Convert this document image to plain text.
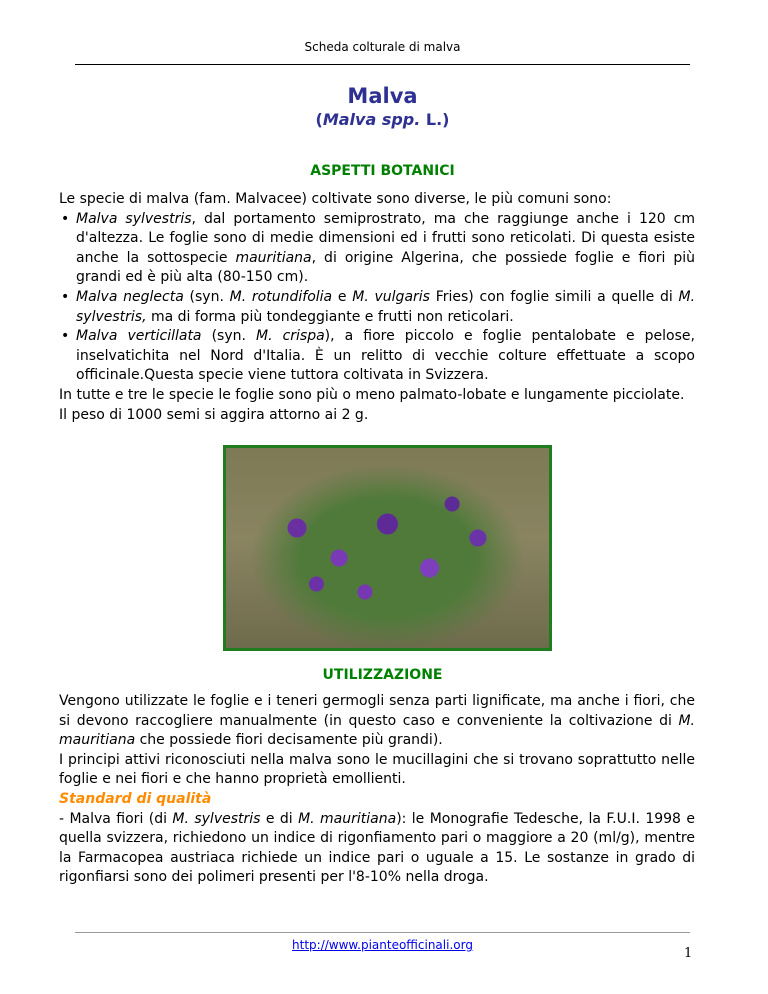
Scheda colturale di malva
Malva
(Malva spp. L.)
ASPETTI BOTANICI

Le specie di malva (fam. Malvacee) coltivate sono diverse, le più comuni sono:

• Malva sylvestris, dal portamento semiprostrato, ma che raggiunge anche i 120 cm d'altezza. Le foglie sono di medie dimensioni ed i frutti sono reticolati. Di questa esiste anche la sottospecie mauritiana, di origine Algerina, che possiede foglie e fiori più grandi ed è più alta (80-150 cm).
• Malva neglecta (syn. M. rotundifolia e M. vulgaris Fries) con foglie simili a quelle di M. sylvestris, ma di forma più tondeggiante e frutti non reticolari.
• Malva verticillata (syn. M. crispa), a fiore piccolo e foglie pentalobate e pelose, inselvatichita nel Nord d'Italia. È un relitto di vecchie colture effettuate a scopo officinale.Questa specie viene tuttora coltivata in Svizzera.

In tutte e tre le specie le foglie sono più o meno palmato-lobate e lungamente picciolate.

Il peso di 1000 semi si aggira attorno ai 2 g.

UTILIZZAZIONE

Vengono utilizzate le foglie e i teneri germogli senza parti lignificate, ma anche i fiori, che si devono raccogliere manualmente (in questo caso e conveniente la coltivazione di M. mauritiana che possiede fiori decisamente più grandi).

I principi attivi riconosciuti nella malva sono le mucillagini che si trovano soprattutto nelle foglie e nei fiori e che hanno proprietà emollienti.

Standard di qualità

- Malva fiori (di M. sylvestris e di M. mauritiana): le Monografie Tedesche, la F.U.I. 1998 e quella svizzera, richiedono un indice di rigonfiamento pari o maggiore a 20 (ml/g), mentre la Farmacopea austriaca richiede un indice pari o uguale a 15. Le sostanze in grado di rigonfiarsi sono dei polimeri presenti per l'8-10% nella droga.

http://www.pianteofficinali.org
1
